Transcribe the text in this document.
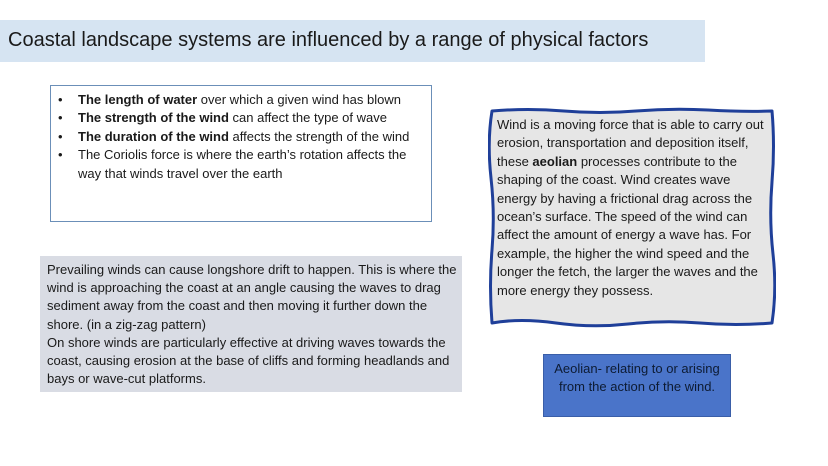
Coastal landscape systems are influenced by a range of physical factors
• The length of water over which a given wind has blown
• The strength of the wind can affect the type of wave
• The duration of the wind affects the strength of the wind
• The Coriolis force is where the earth’s rotation affects the way that winds travel over the earth

Prevailing winds can cause longshore drift to happen. This is where the wind is approaching the coast at an angle causing the waves to drag sediment away from the coast and then moving it further down the shore. (in a zig-zag pattern)
On shore winds are particularly effective at driving waves towards the coast, causing erosion at the base of cliffs and forming headlands and bays or wave-cut platforms.

Wind is a moving force that is able to carry out erosion, transportation and deposition itself, these aeolian processes contribute to the shaping of the coast. Wind creates wave energy by having a frictional drag across the ocean’s surface. The speed of the wind can affect the amount of energy a wave has. For example, the higher the wind speed and the longer the fetch, the larger the waves and the more energy they possess.

Aeolian- relating to or arising from the action of the wind.
